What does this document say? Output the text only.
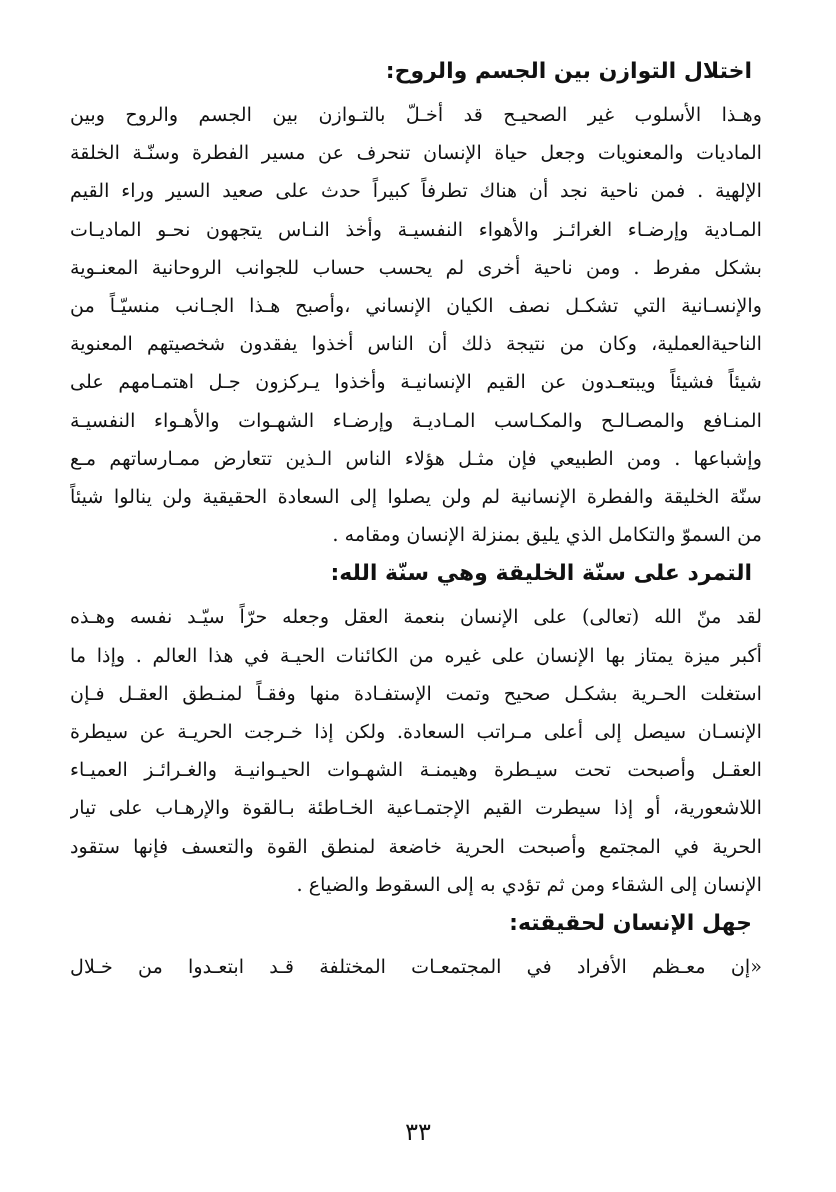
اختلال التوازن بين الجسم والروح:
وهـذا الأسلوب غير الصحيـح قد أخـلّ بالتـوازن بين الجسم والروح وبين
الماديات والمعنويات وجعل حياة الإنسان تنحرف عن مسير الفطرة وسنّـة الخلقة
الإلهية . فمن ناحية نجد أن هناك تطرفاً كبيراً حدث على صعيد السير وراء القيم
المـادية وإرضـاء الغرائـز والأهواء النفسيـة وأخذ النـاس يتجهون نحـو الماديـات
بشكل مفرط . ومن ناحية أخرى لم يحسب حساب للجوانب الروحانية المعنـوية
والإنسـانية التي تشكـل نصف الكيان الإنساني ،وأصبح هـذا الجـانب منسيّـاً من
الناحيةالعملية، وكان من نتيجة ذلك أن الناس أخذوا يفقدون شخصيتهم المعنوية
شيئاً فشيئاً ويبتعـدون عن القيم الإنسانيـة وأخذوا يـركزون جـل اهتمـامهم على
المنـافع والمصـالـح والمكـاسب المـاديـة وإرضـاء الشهـوات والأهـواء النفسيـة
وإشباعها . ومن الطبيعي فإن مثـل هؤلاء الناس الـذين تتعارض ممـارساتهم مـع
سنّة الخليقة والفطرة الإنسانية لم ولن يصلوا إلى السعادة الحقيقية ولن ينالوا شيئاً
من السموّ والتكامل الذي يليق بمنزلة الإنسان ومقامه .
التمرد على سنّة الخليقة وهي سنّة الله:
لقد منّ الله (تعالى) على الإنسان بنعمة العقل وجعله حرّاً سيّـد نفسه وهـذه
أكبر ميزة يمتاز بها الإنسان على غيره من الكائنات الحيـة في هذا العالم . وإذا ما
استغلت الحـرية بشكـل صحيح وتمت الإستفـادة منها وفقـاً لمنـطق العقـل فـإن
الإنسـان سيصل إلى أعلى مـراتب السعادة. ولكن إذا خـرجت الحريـة عن سيطرة
العقـل وأصبحت تحت سيـطرة وهيمنـة الشهـوات الحيـوانيـة والغـرائـز العميـاء
اللاشعورية، أو إذا سيطرت القيم الإجتمـاعية الخـاطئة بـالقوة والإرهـاب على تيار
الحرية في المجتمع وأصبحت الحرية خاضعة لمنطق القوة والتعسف فإنها ستقود
الإنسان إلى الشقاء ومن ثم تؤدي به إلى السقوط والضياع .
جهل الإنسان لحقيقته:
«إن معـظم الأفراد في المجتمعـات المختلفة قـد ابتعـدوا من خـلال
٣٣
